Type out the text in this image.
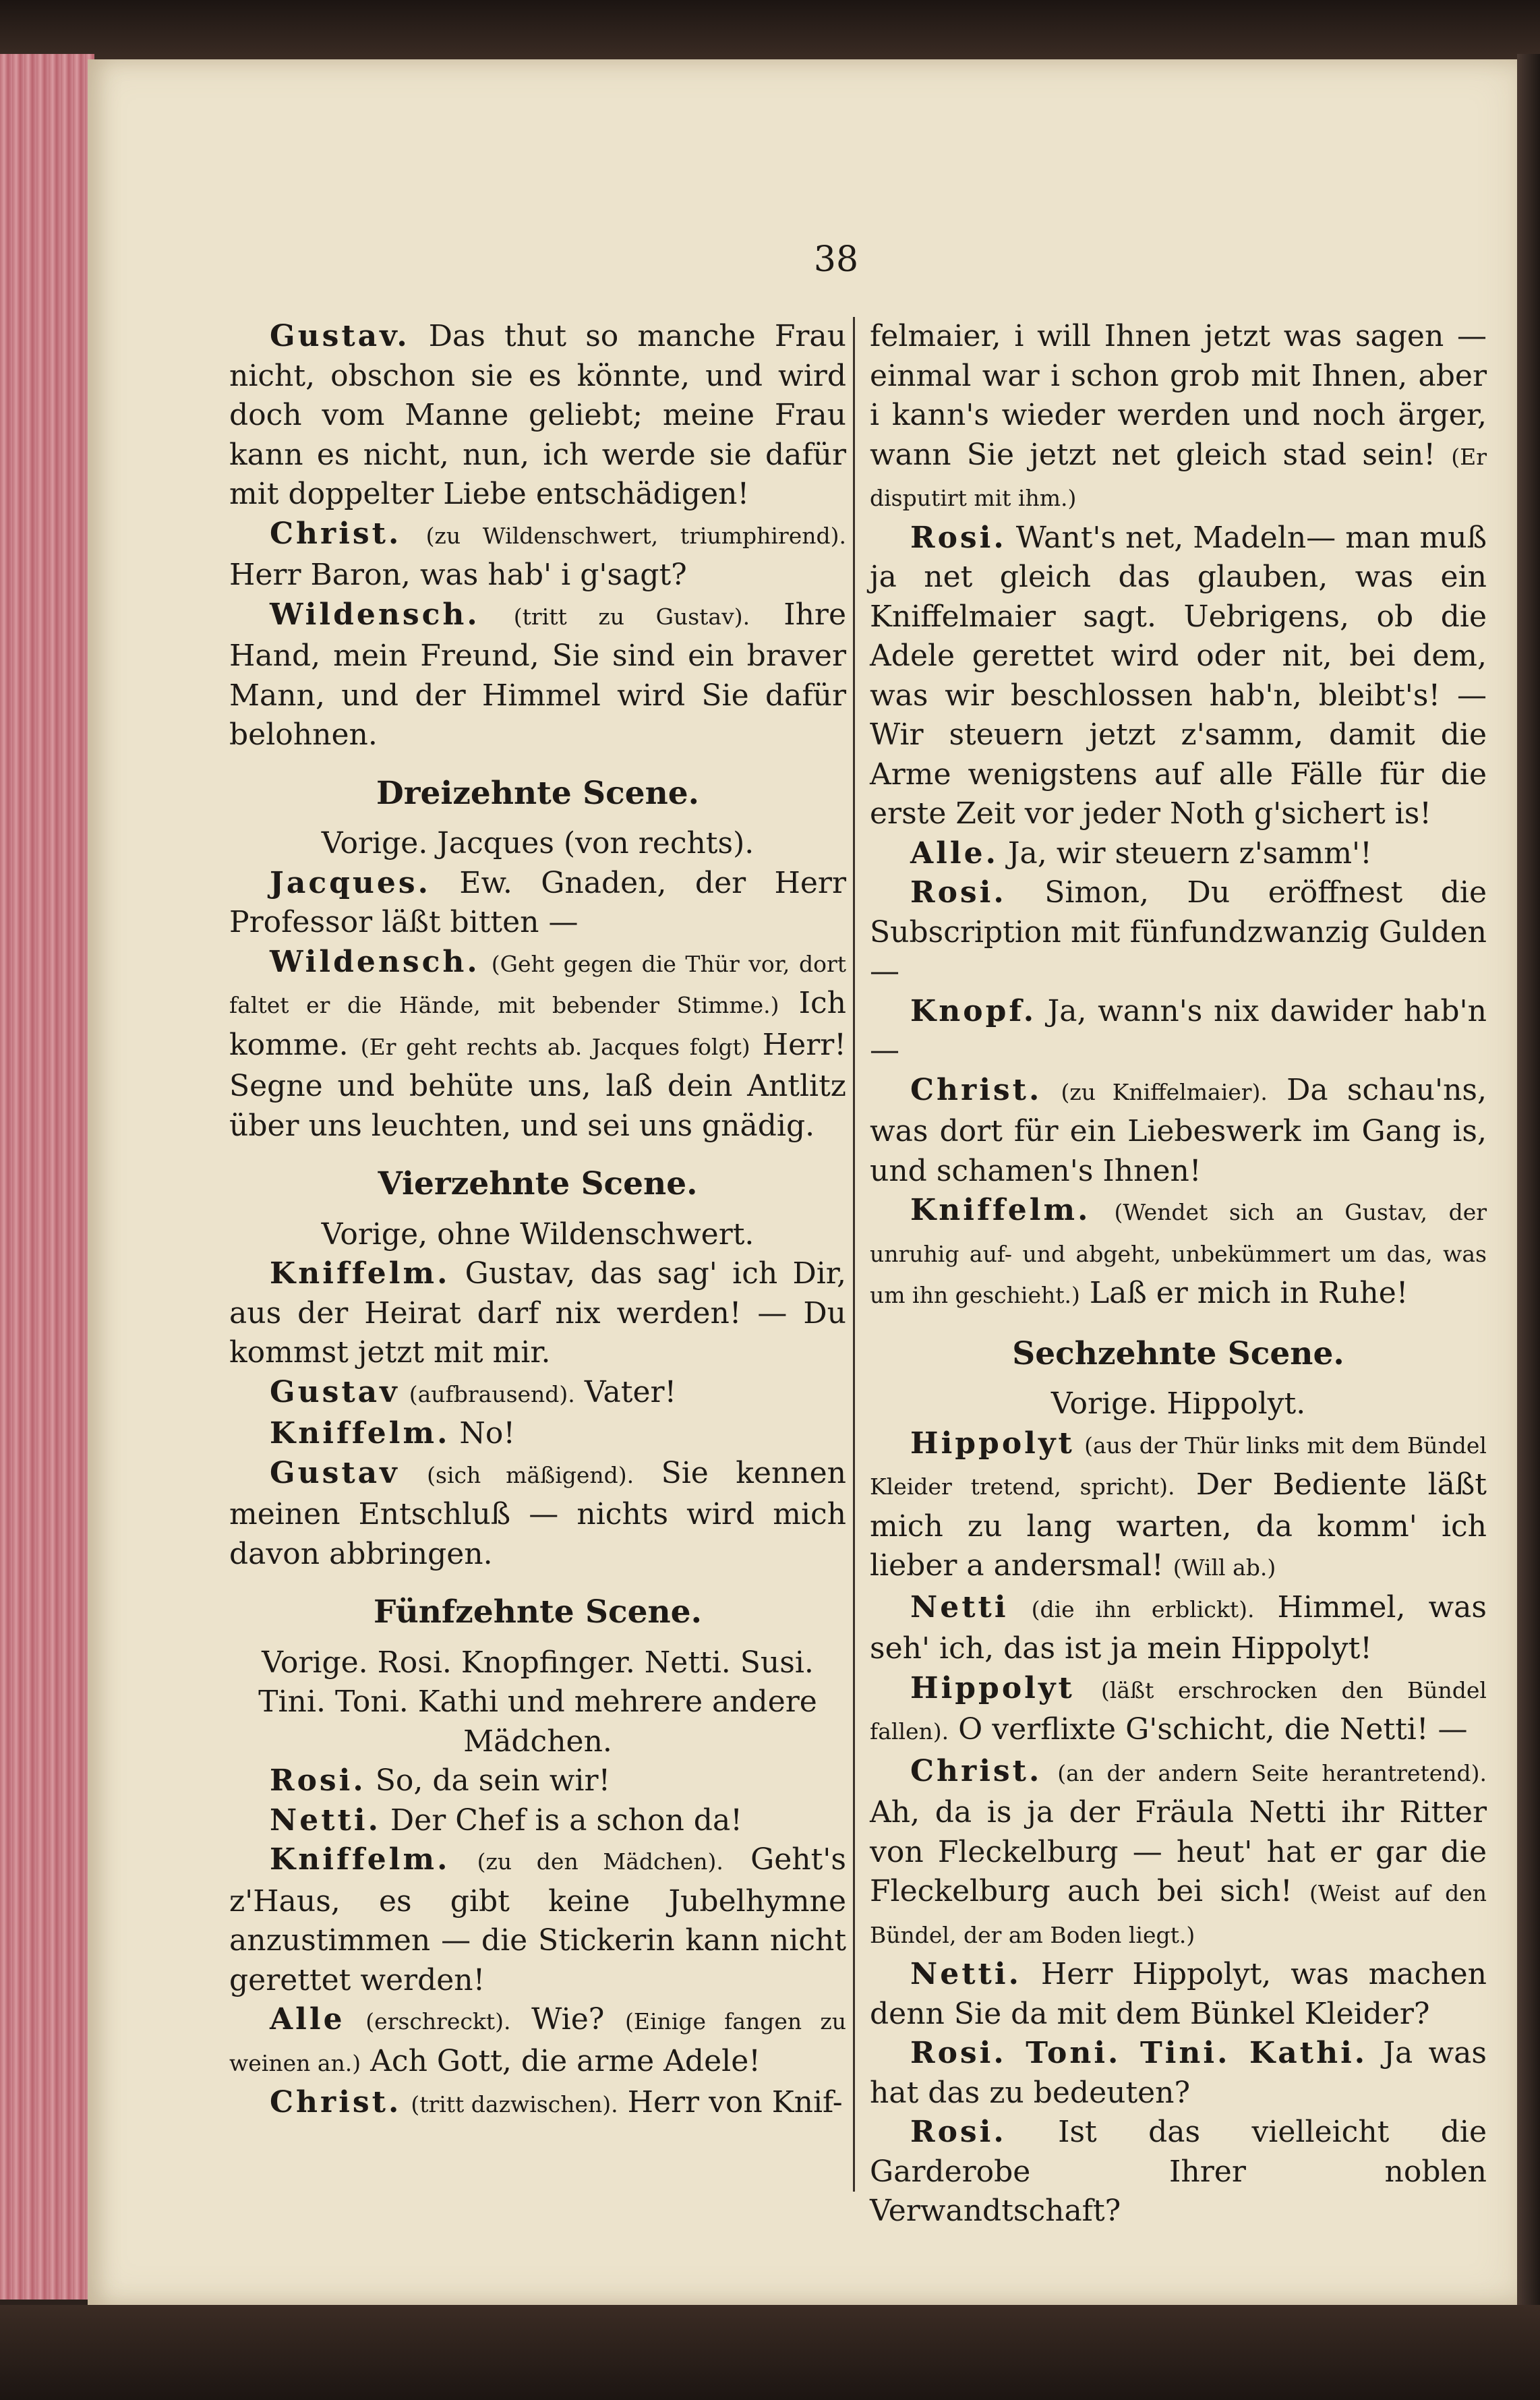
38

Gustav. Das thut so manche Frau nicht, obschon sie es könnte, und wird doch vom Manne geliebt; meine Frau kann es nicht, nun, ich werde sie dafür mit doppelter Liebe entschädigen!

Christ. (zu Wildenschwert, triumphirend). Herr Baron, was hab' i g'sagt?

Wildensch. (tritt zu Gustav). Ihre Hand, mein Freund, Sie sind ein braver Mann, und der Himmel wird Sie dafür belohnen.

Dreizehnte Scene.

Vorige. Jacques (von rechts).

Jacques. Ew. Gnaden, der Herr Professor läßt bitten —

Wildensch. (Geht gegen die Thür vor, dort faltet er die Hände, mit bebender Stimme.) Ich komme. (Er geht rechts ab. Jacques folgt) Herr! Segne und behüte uns, laß dein Antlitz über uns leuchten, und sei uns gnädig.

Vierzehnte Scene.

Vorige, ohne Wildenschwert.

Kniffelm. Gustav, das sag' ich Dir, aus der Heirat darf nix werden! — Du kommst jetzt mit mir.

Gustav (aufbrausend). Vater!

Kniffelm. No!

Gustav (sich mäßigend). Sie kennen meinen Entschluß — nichts wird mich davon abbringen.

Fünfzehnte Scene.

Vorige. Rosi. Knopfinger. Netti. Susi. Tini. Toni. Kathi und mehrere andere Mädchen.

Rosi. So, da sein wir!

Netti. Der Chef is a schon da!

Kniffelm. (zu den Mädchen). Geht's z'Haus, es gibt keine Jubelhymne anzustimmen — die Stickerin kann nicht gerettet werden!

Alle (erschreckt). Wie? (Einige fangen zu weinen an.) Ach Gott, die arme Adele!

Christ. (tritt dazwischen). Herr von Knif-

felmaier, i will Ihnen jetzt was sagen — einmal war i schon grob mit Ihnen, aber i kann's wieder werden und noch ärger, wann Sie jetzt net gleich stad sein! (Er disputirt mit ihm.)

Rosi. Want's net, Madeln— man muß ja net gleich das glauben, was ein Kniffelmaier sagt. Uebrigens, ob die Adele gerettet wird oder nit, bei dem, was wir beschlossen hab'n, bleibt's! — Wir steuern jetzt z'samm, damit die Arme wenigstens auf alle Fälle für die erste Zeit vor jeder Noth g'sichert is!

Alle. Ja, wir steuern z'samm'!

Rosi. Simon, Du eröffnest die Subscription mit fünfundzwanzig Gulden —

Knopf. Ja, wann's nix dawider hab'n —

Christ. (zu Kniffelmaier). Da schau'ns, was dort für ein Liebeswerk im Gang is, und schamen's Ihnen!

Kniffelm. (Wendet sich an Gustav, der unruhig auf- und abgeht, unbekümmert um das, was um ihn geschieht.) Laß er mich in Ruhe!

Sechzehnte Scene.

Vorige. Hippolyt.

Hippolyt (aus der Thür links mit dem Bündel Kleider tretend, spricht). Der Bediente läßt mich zu lang warten, da komm' ich lieber a andersmal! (Will ab.)

Netti (die ihn erblickt). Himmel, was seh' ich, das ist ja mein Hippolyt!

Hippolyt (läßt erschrocken den Bündel fallen). O verflixte G'schicht, die Netti! —

Christ. (an der andern Seite herantretend). Ah, da is ja der Fräula Netti ihr Ritter von Fleckelburg — heut' hat er gar die Fleckelburg auch bei sich! (Weist auf den Bündel, der am Boden liegt.)

Netti. Herr Hippolyt, was machen denn Sie da mit dem Bünkel Kleider?

Rosi. Toni. Tini. Kathi. Ja was hat das zu bedeuten?

Rosi. Ist das vielleicht die Garderobe Ihrer noblen Verwandtschaft?
